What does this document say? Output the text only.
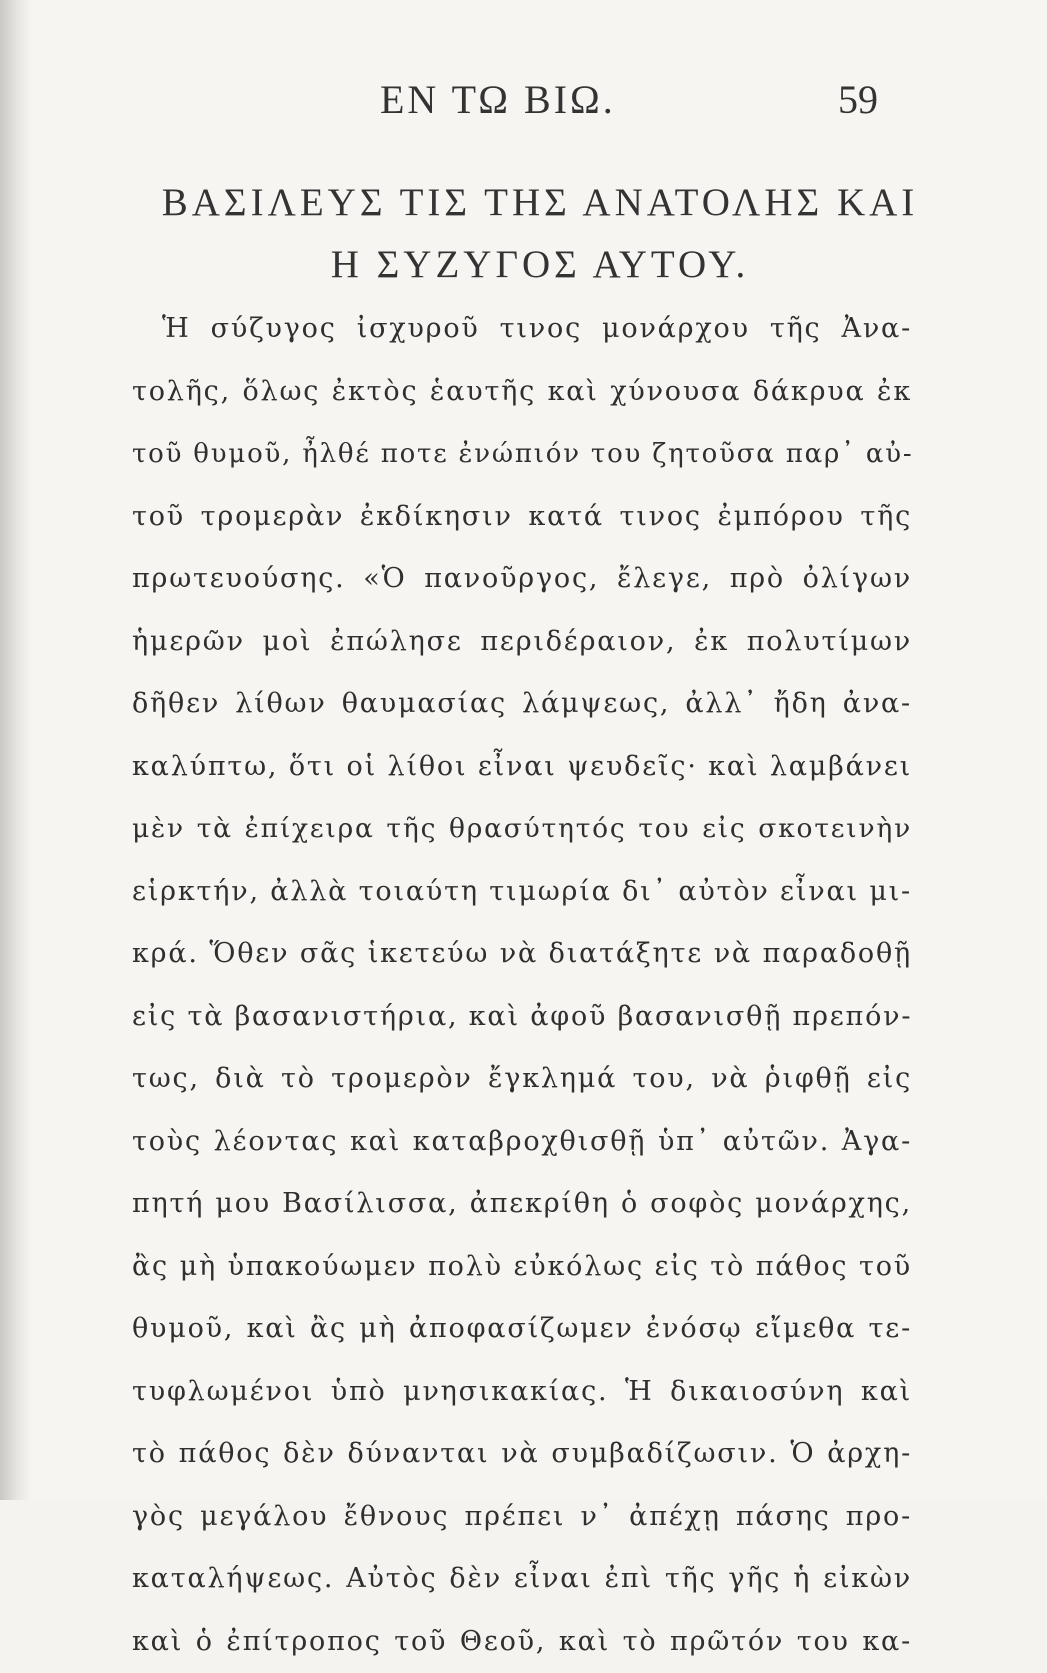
ΕΝ ΤΩ ΒΙΩ.	59
ΒΑΣΙΛΕΥΣ ΤΙΣ ΤΗΣ ΑΝΑΤΟΛΗΣ ΚΑΙ
Η ΣΥΖΥΓΟΣ ΑΥΤΟΥ.
Ἡ σύζυγος ἰσχυροῦ τινος μονάρχου τῆς Ἀνα-
τολῆς, ὅλως ἐκτὸς ἑαυτῆς καὶ χύνουσα δάκρυα ἐκ
τοῦ θυμοῦ, ἦλθέ ποτε ἐνώπιόν του ζητοῦσα παρ᾽ αὐ-
τοῦ τρομερὰν ἐκδίκησιν κατά τινος ἐμπόρου τῆς
πρωτευούσης. «Ὁ πανοῦργος, ἔλεγε, πρὸ ὀλίγων
ἡμερῶν μοὶ ἐπώλησε περιδέραιον, ἐκ πολυτίμων
δῆθεν λίθων θαυμασίας λάμψεως, ἀλλ᾽ ἤδη ἀνα-
καλύπτω, ὅτι οἱ λίθοι εἶναι ψευδεῖς· καὶ λαμβάνει
μὲν τὰ ἐπίχειρα τῆς θρασύτητός του εἰς σκοτεινὴν
εἱρκτήν, ἀλλὰ τοιαύτη τιμωρία δι᾽ αὐτὸν εἶναι μι-
κρά. Ὅθεν σᾶς ἱκετεύω νὰ διατάξητε νὰ παραδοθῇ
εἰς τὰ βασανιστήρια, καὶ ἀφοῦ βασανισθῇ πρεπόν-
τως, διὰ τὸ τρομερὸν ἔγκλημά του, νὰ ῥιφθῇ εἰς
τοὺς λέοντας καὶ καταβροχθισθῇ ὑπ᾽ αὐτῶν. Ἀγα-
πητή μου Βασίλισσα, ἀπεκρίθη ὁ σοφὸς μονάρχης,
ἂς μὴ ὑπακούωμεν πολὺ εὐκόλως εἰς τὸ πάθος τοῦ
θυμοῦ, καὶ ἂς μὴ ἀποφασίζωμεν ἐνόσῳ εἴμεθα τε-
τυφλωμένοι ὑπὸ μνησικακίας. Ἡ δικαιοσύνη καὶ
τὸ πάθος δὲν δύνανται νὰ συμβαδίζωσιν. Ὁ ἀρχη-
γὸς μεγάλου ἔθνους πρέπει ν᾽ ἀπέχῃ πάσης προ-
καταλήψεως. Αὐτὸς δὲν εἶναι ἐπὶ τῆς γῆς ἡ εἰκὼν
καὶ ὁ ἐπίτροπος τοῦ Θεοῦ, καὶ τὸ πρῶτόν του κα-
